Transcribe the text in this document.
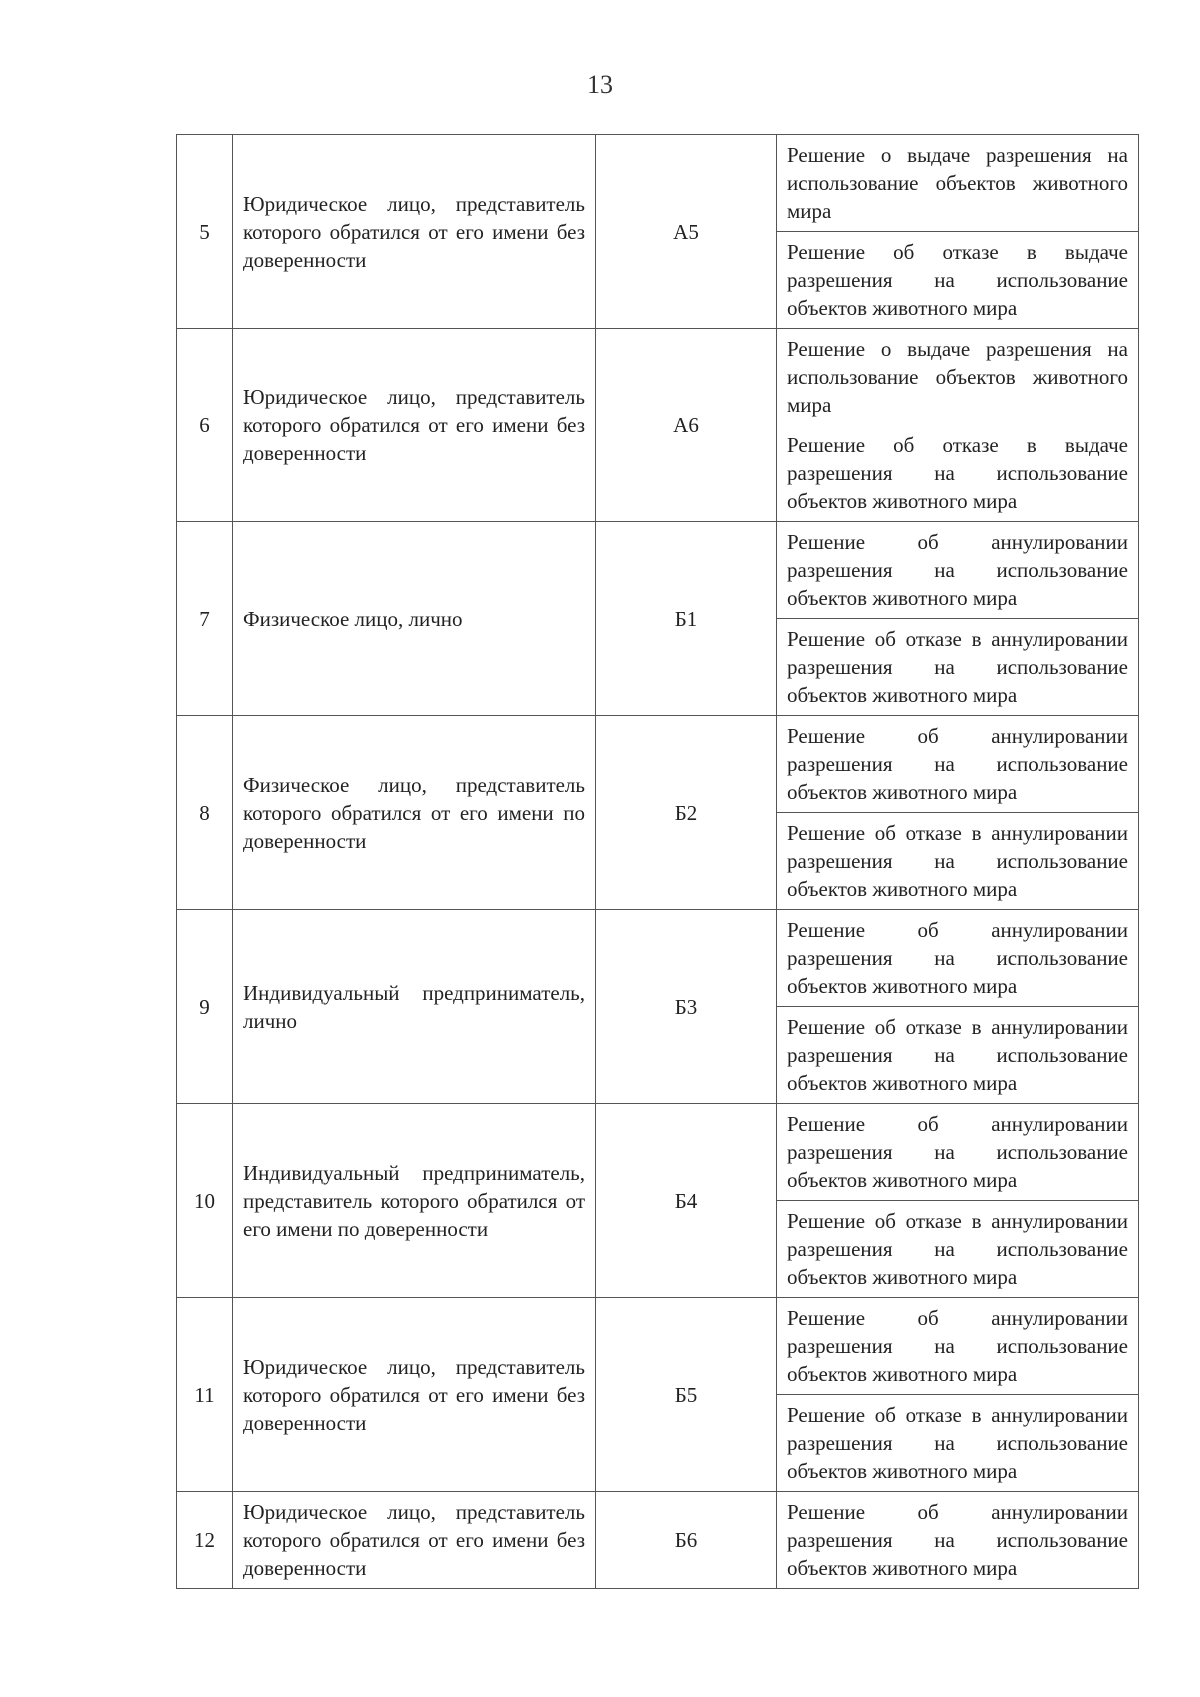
13
5	Юридическое лицо, представитель которого обратился от его имени без доверенности	А5	Решение о выдаче разрешения на использование объектов животного мира
Решение об отказе в выдаче разрешения на использование объектов животного мира

6	Юридическое лицо, представитель которого обратился от его имени без доверенности	А6	Решение о выдаче разрешения на использование объектов животного мира
Решение об отказе в выдаче разрешения на использование объектов животного мира

7	Физическое лицо, лично	Б1	Решение об аннулировании разрешения на использование объектов животного мира
Решение об отказе в аннулировании разрешения на использование объектов животного мира

8	Физическое лицо, представитель которого обратился от его имени по доверенности	Б2	Решение об аннулировании разрешения на использование объектов животного мира
Решение об отказе в аннулировании разрешения на использование объектов животного мира

9	Индивидуальный предприниматель, лично	Б3	Решение об аннулировании разрешения на использование объектов животного мира
Решение об отказе в аннулировании разрешения на использование объектов животного мира

10	Индивидуальный предприниматель, представитель которого обратился от его имени по доверенности	Б4	Решение об аннулировании разрешения на использование объектов животного мира
Решение об отказе в аннулировании разрешения на использование объектов животного мира

11	Юридическое лицо, представитель которого обратился от его имени без доверенности	Б5	Решение об аннулировании разрешения на использование объектов животного мира
Решение об отказе в аннулировании разрешения на использование объектов животного мира

12	Юридическое лицо, представитель которого обратился от его имени без доверенности	Б6	Решение об аннулировании разрешения на использование объектов животного мира
